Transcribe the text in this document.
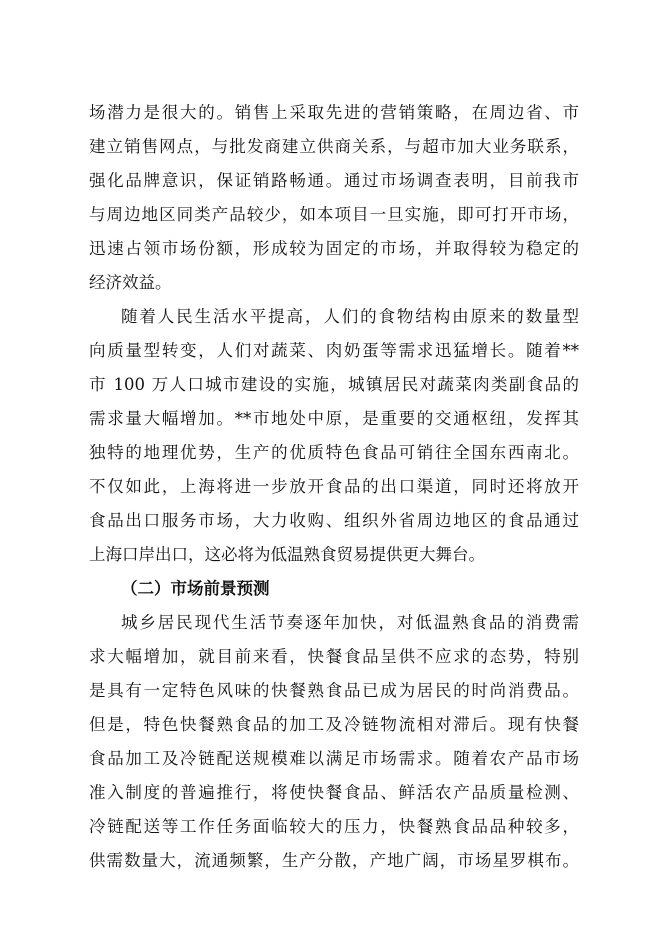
场潜力是很大的。销售上采取先进的营销策略，在周边省、市
建立销售网点，与批发商建立供商关系，与超市加大业务联系，
强化品牌意识，保证销路畅通。通过市场调查表明，目前我市
与周边地区同类产品较少，如本项目一旦实施，即可打开市场，
迅速占领市场份额，形成较为固定的市场，并取得较为稳定的
经济效益。
随着人民生活水平提高，人们的食物结构由原来的数量型
向质量型转变，人们对蔬菜、肉奶蛋等需求迅猛增长。随着**
市 100 万人口城市建设的实施，城镇居民对蔬菜肉类副食品的
需求量大幅增加。**市地处中原，是重要的交通枢纽，发挥其
独特的地理优势，生产的优质特色食品可销往全国东西南北。
不仅如此，上海将进一步放开食品的出口渠道，同时还将放开
食品出口服务市场，大力收购、组织外省周边地区的食品通过
上海口岸出口，这必将为低温熟食贸易提供更大舞台。
（二）市场前景预测
城乡居民现代生活节奏逐年加快，对低温熟食品的消费需
求大幅增加，就目前来看，快餐食品呈供不应求的态势，特别
是具有一定特色风味的快餐熟食品已成为居民的时尚消费品。
但是，特色快餐熟食品的加工及冷链物流相对滞后。现有快餐
食品加工及冷链配送规模难以满足市场需求。随着农产品市场
准入制度的普遍推行，将使快餐食品、鲜活农产品质量检测、
冷链配送等工作任务面临较大的压力，快餐熟食品品种较多，
供需数量大，流通频繁，生产分散，产地广阔，市场星罗棋布。
